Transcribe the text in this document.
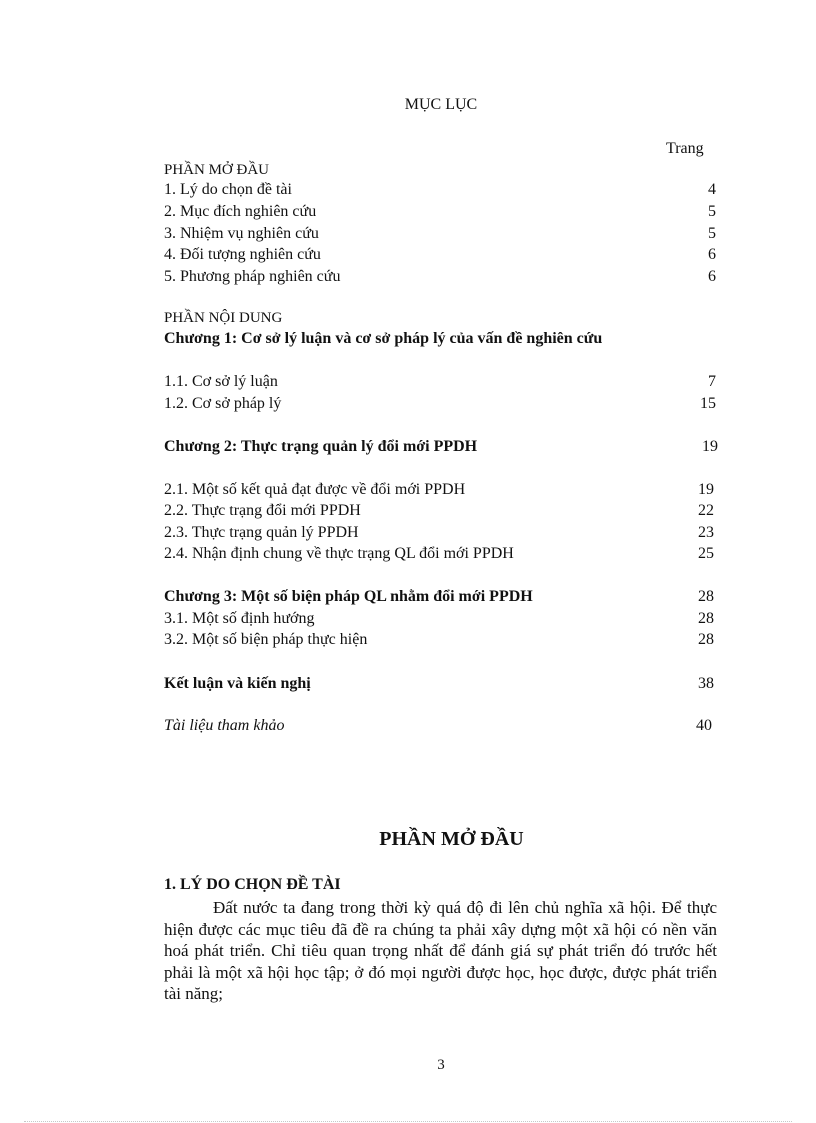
MỤC LỤC
Trang
PHẦN MỞ ĐẦU
1. Lý do chọn đề tài	4
2. Mục đích nghiên cứu	5
3. Nhiệm vụ nghiên cứu	5
4. Đối tượng nghiên cứu	6
5. Phương pháp nghiên cứu	6
PHẦN NỘI DUNG
Chương 1: Cơ sở lý luận và cơ sở pháp lý của vấn đề nghiên cứu
1.1. Cơ sở lý luận	7
1.2. Cơ sở pháp lý	15
Chương 2: Thực trạng quản lý đổi mới PPDH	19
2.1. Một số kết quả đạt được về đổi mới PPDH	19
2.2. Thực trạng đổi mới PPDH	22
2.3. Thực trạng quản lý PPDH	23
2.4. Nhận định chung về thực trạng QL đổi mới PPDH	25
Chương 3: Một số biện pháp QL nhằm đổi mới PPDH	28
3.1. Một số định hướng	28
3.2. Một số biện pháp thực hiện	28
Kết luận và kiến nghị	38
Tài liệu tham khảo	40
PHẦN MỞ ĐẦU
1. LÝ DO CHỌN ĐỀ TÀI
Đất nước ta đang trong thời kỳ quá độ đi lên chủ nghĩa xã hội. Để thực hiện được các mục tiêu đã đề ra chúng ta phải xây dựng một xã hội có nền văn hoá phát triển. Chỉ tiêu quan trọng nhất để đánh giá sự phát triển đó trước hết phải là một xã hội học tập; ở đó mọi người được học, học được, được phát triển tài năng;
3
